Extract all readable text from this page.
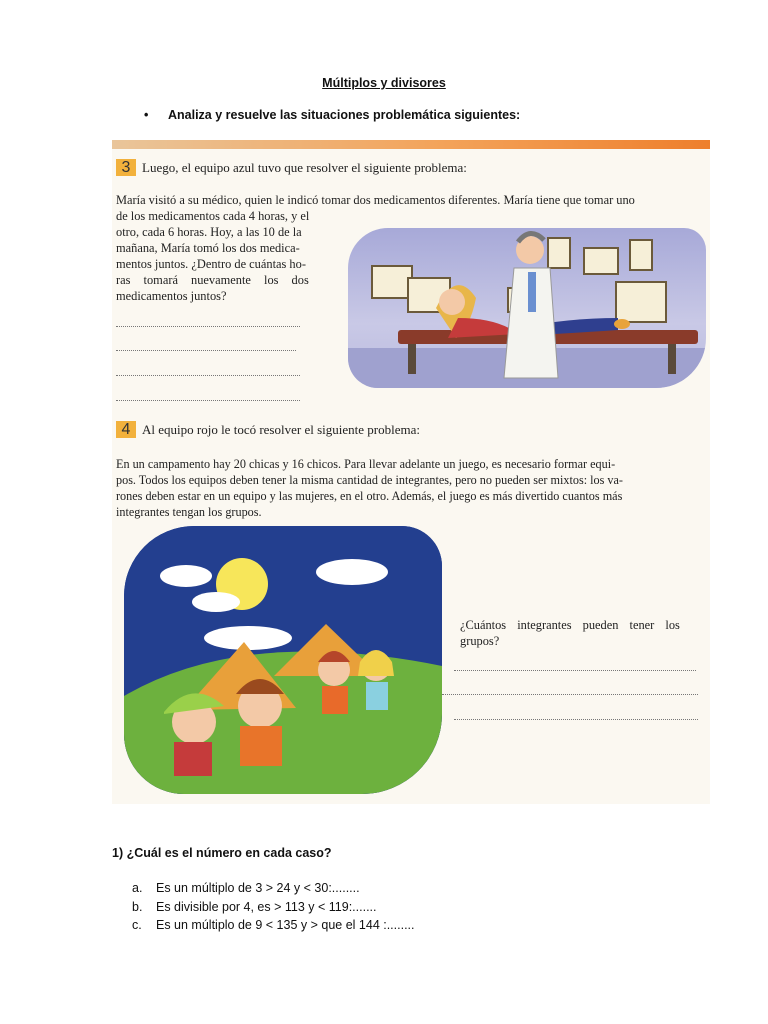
Múltiplos y divisores
• Analiza y resuelve las situaciones problemática siguientes:
3 Luego, el equipo azul tuvo que resolver el siguiente problema:
María visitó a su médico, quien le indicó tomar dos medicamentos diferentes. María tiene que tomar uno
de los medicamentos cada 4 horas, y el
otro, cada 6 horas. Hoy, a las 10 de la
mañana, María tomó los dos medica-
mentos juntos. ¿Dentro de cuántas ho-
ras tomará nuevamente los dos
medicamentos juntos?
4 Al equipo rojo le tocó resolver el siguiente problema:
En un campamento hay 20 chicas y 16 chicos. Para llevar adelante un juego, es necesario formar equi-
pos. Todos los equipos deben tener la misma cantidad de integrantes, pero no pueden ser mixtos: los va-
rones deben estar en un equipo y las mujeres, en el otro. Además, el juego es más divertido cuantos más
integrantes tengan los grupos.
¿Cuántos integrantes pueden tener los
grupos?
1) ¿Cuál es el número en cada caso?
a. Es un múltiplo de 3 > 24 y < 30:........
b. Es divisible por 4, es > 113 y < 119:.......
c. Es un múltiplo de 9 < 135 y > que el 144 :........
